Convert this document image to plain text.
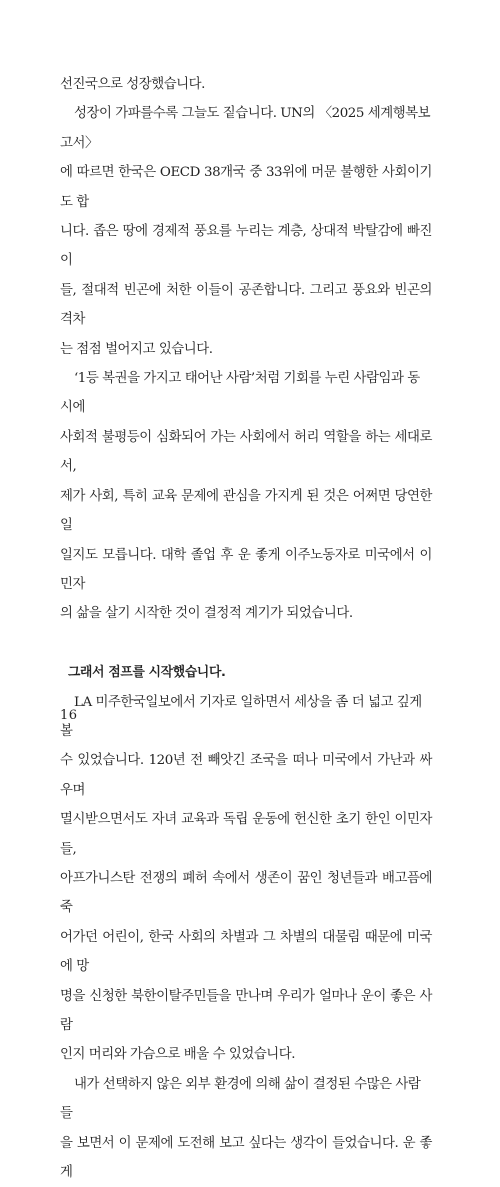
선진국으로 성장했습니다.

성장이 가파를수록 그늘도 짙습니다. UN의 〈2025 세계행복보고서〉

에 따르면 한국은 OECD 38개국 중 33위에 머문 불행한 사회이기도 합

니다. 좁은 땅에 경제적 풍요를 누리는 계층, 상대적 박탈감에 빠진 이

들, 절대적 빈곤에 처한 이들이 공존합니다. 그리고 풍요와 빈곤의 격차

는 점점 벌어지고 있습니다.

‘1등 복권을 가지고 태어난 사람’처럼 기회를 누린 사람임과 동시에

사회적 불평등이 심화되어 가는 사회에서 허리 역할을 하는 세대로서,

제가 사회, 특히 교육 문제에 관심을 가지게 된 것은 어쩌면 당연한 일

일지도 모릅니다. 대학 졸업 후 운 좋게 이주노동자로 미국에서 이민자

의 삶을 살기 시작한 것이 결정적 계기가 되었습니다.

그래서 점프를 시작했습니다.

LA 미주한국일보에서 기자로 일하면서 세상을 좀 더 넓고 깊게 볼

수 있었습니다. 120년 전 빼앗긴 조국을 떠나 미국에서 가난과 싸우며

멸시받으면서도 자녀 교육과 독립 운동에 헌신한 초기 한인 이민자들,

아프가니스탄 전쟁의 폐허 속에서 생존이 꿈인 청년들과 배고픔에 죽

어가던 어린이, 한국 사회의 차별과 그 차별의 대물림 때문에 미국에 망

명을 신청한 북한이탈주민들을 만나며 우리가 얼마나 운이 좋은 사람

인지 머리와 가슴으로 배울 수 있었습니다.

내가 선택하지 않은 외부 환경에 의해 삶이 결정된 수많은 사람들

을 보면서 이 문제에 도전해 보고 싶다는 생각이 들었습니다. 운 좋게

16
